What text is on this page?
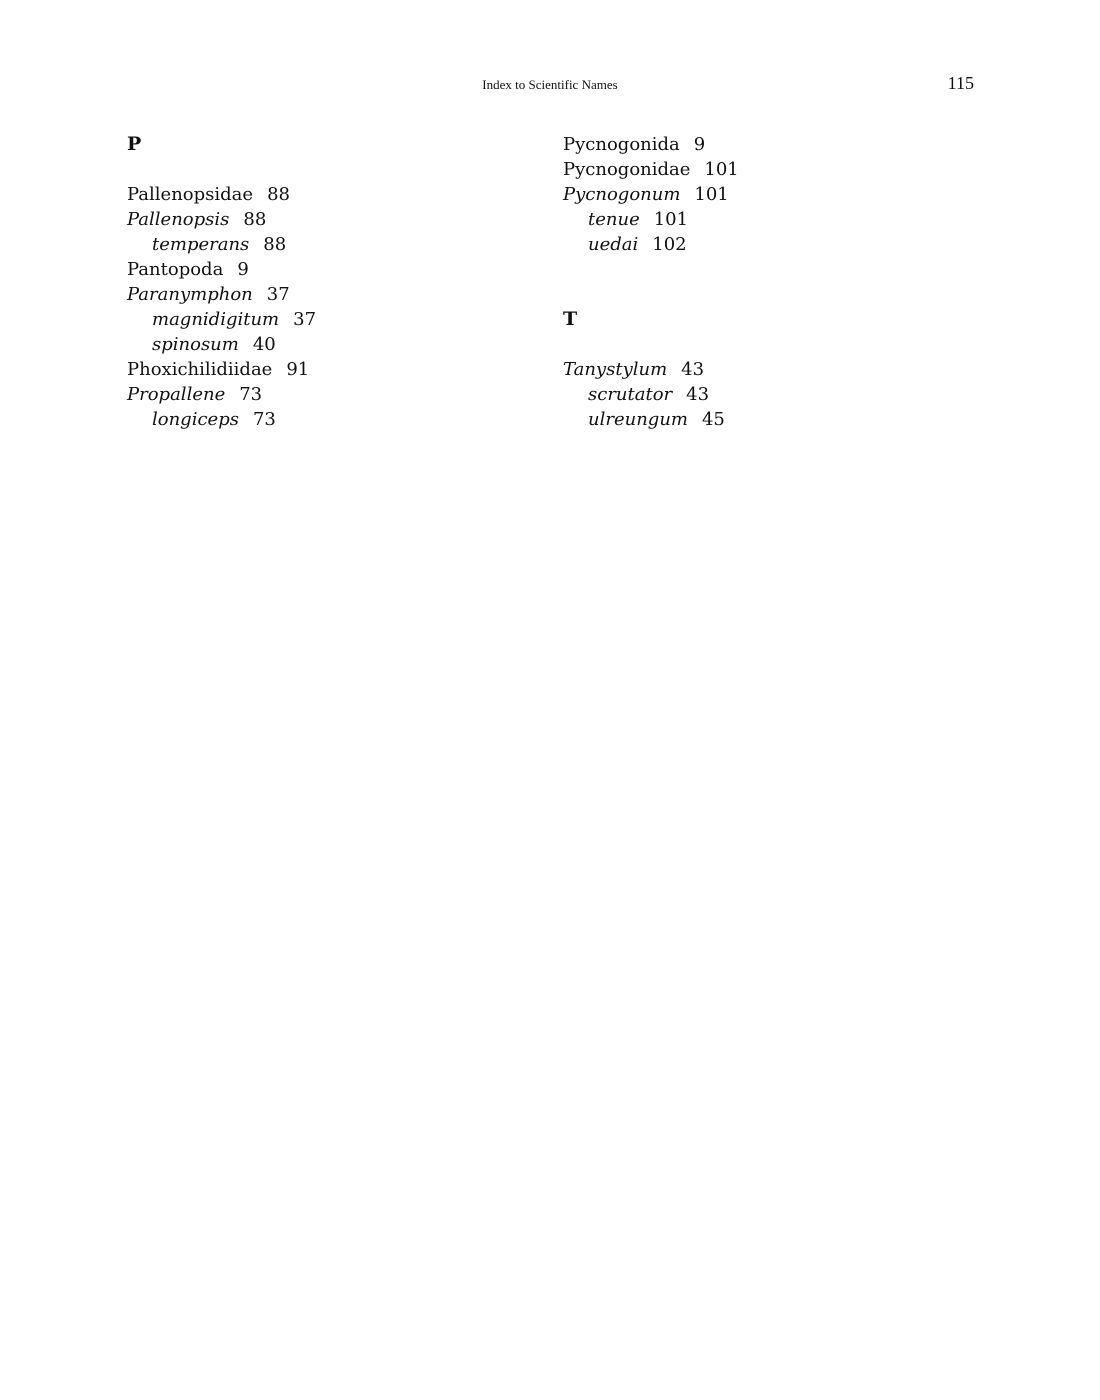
Index to Scientific Names	115
P
Pallenopsidae 88
Pallenopsis 88
temperans 88
Pantopoda 9
Paranymphon 37
magnidigitum 37
spinosum 40
Phoxichilidiidae 91
Propallene 73
longiceps 73
Pycnogonida 9
Pycnogonidae 101
Pycnogonum 101
tenue 101
uedai 102
T
Tanystylum 43
scrutator 43
ulreungum 45
